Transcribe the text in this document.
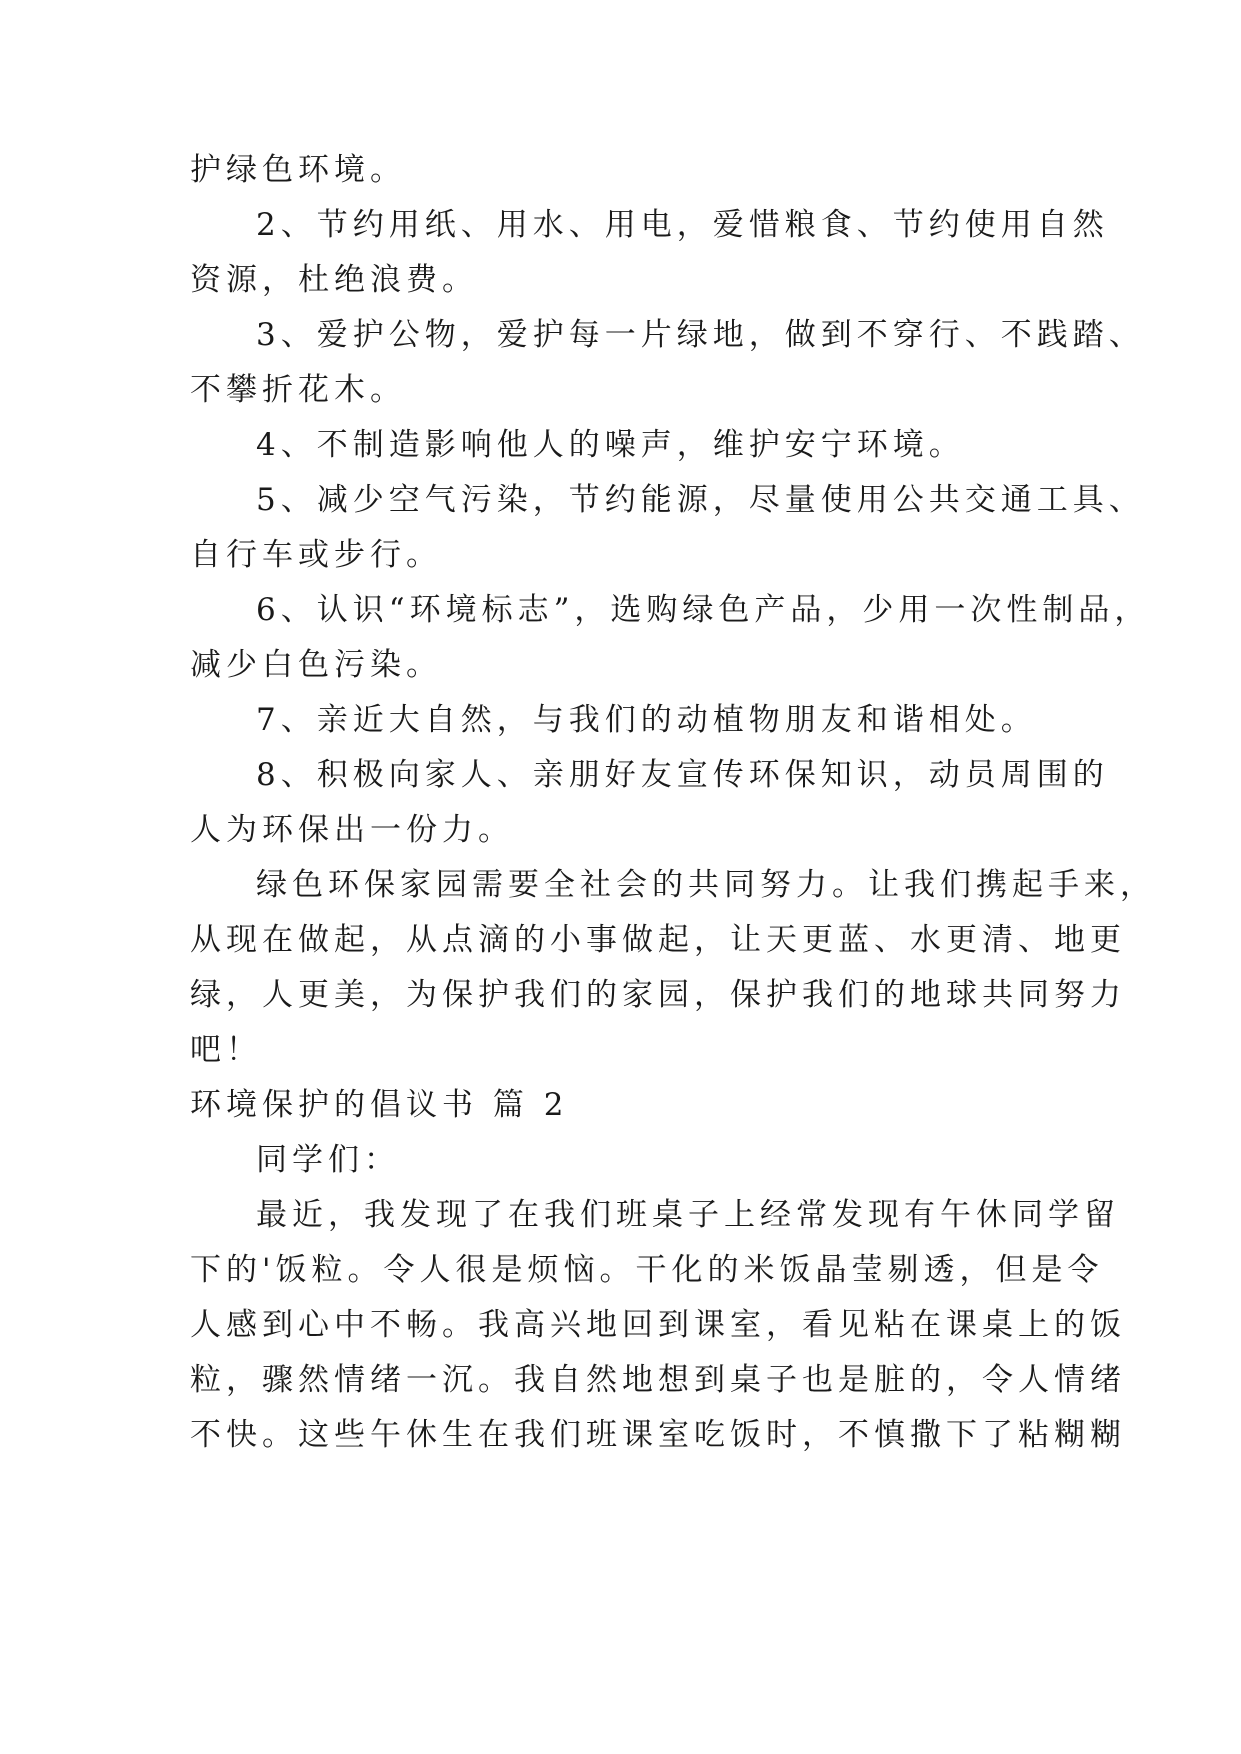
护绿色环境。
2、节约用纸、用水、用电，爱惜粮食、节约使用自然
资源，杜绝浪费。
3、爱护公物，爱护每一片绿地，做到不穿行、不践踏、
不攀折花木。
4、不制造影响他人的噪声，维护安宁环境。
5、减少空气污染，节约能源，尽量使用公共交通工具、
自行车或步行。
6、认识“环境标志”，选购绿色产品，少用一次性制品，
减少白色污染。
7、亲近大自然，与我们的动植物朋友和谐相处。
8、积极向家人、亲朋好友宣传环保知识，动员周围的
人为环保出一份力。
绿色环保家园需要全社会的共同努力。让我们携起手来，
从现在做起，从点滴的小事做起，让天更蓝、水更清、地更
绿，人更美，为保护我们的家园，保护我们的地球共同努力
吧！
环境保护的倡议书 篇 2
同学们：
最近，我发现了在我们班桌子上经常发现有午休同学留
下的'饭粒。令人很是烦恼。干化的米饭晶莹剔透，但是令
人感到心中不畅。我高兴地回到课室，看见粘在课桌上的饭
粒，骤然情绪一沉。我自然地想到桌子也是脏的，令人情绪
不快。这些午休生在我们班课室吃饭时，不慎撒下了粘糊糊
